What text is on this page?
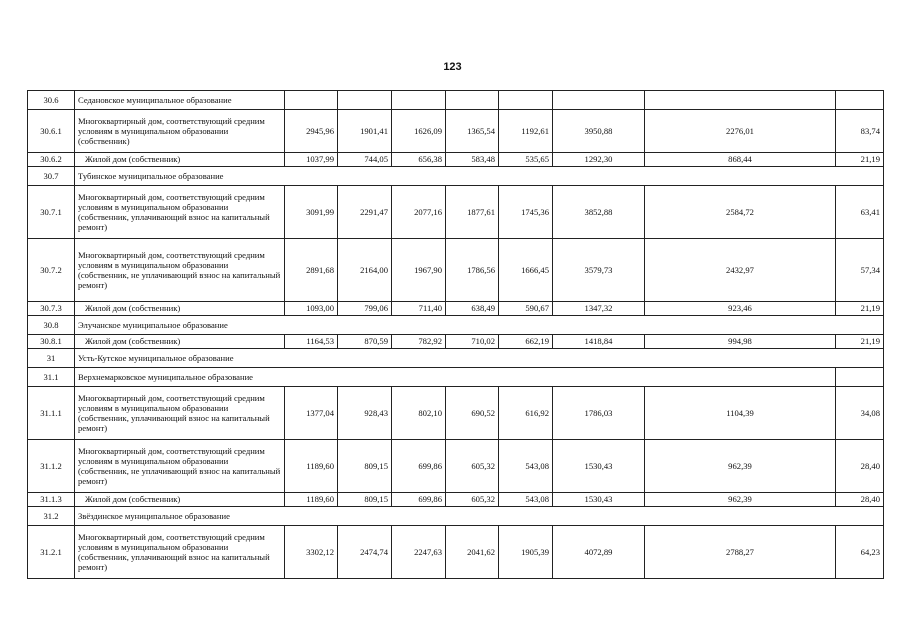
123
30.6	Седановское муниципальное образование								
30.6.1	Многоквартирный дом, соответствующий средним условиям в муниципальном образовании (собственник)	2945,96	1901,41	1626,09	1365,54	1192,61	3950,88	2276,01	83,74
30.6.2	Жилой дом (собственник)	1037,99	744,05	656,38	583,48	535,65	1292,30	868,44	21,19
30.7	Тубинское муниципальное образование								
30.7.1	Многоквартирный дом, соответствующий средним условиям в муниципальном образовании (собственник, уплачивающий взнос на капитальный ремонт)	3091,99	2291,47	2077,16	1877,61	1745,36	3852,88	2584,72	63,41
30.7.2	Многоквартирный дом, соответствующий средним условиям в муниципальном образовании (собственник, не уплачивающий взнос на капитальный ремонт)	2891,68	2164,00	1967,90	1786,56	1666,45	3579,73	2432,97	57,34
30.7.3	Жилой дом (собственник)	1093,00	799,06	711,40	638,49	590,67	1347,32	923,46	21,19
30.8	Элучанское муниципальное образование								
30.8.1	Жилой дом (собственник)	1164,53	870,59	782,92	710,02	662,19	1418,84	994,98	21,19
31	Усть-Кутское муниципальное образование								
31.1	Верхнемарковское муниципальное образование								
31.1.1	Многоквартирный дом, соответствующий средним условиям в муниципальном образовании (собственник, уплачивающий взнос на капитальный ремонт)	1377,04	928,43	802,10	690,52	616,92	1786,03	1104,39	34,08
31.1.2	Многоквартирный дом, соответствующий средним условиям в муниципальном образовании (собственник, не уплачивающий взнос на капитальный ремонт)	1189,60	809,15	699,86	605,32	543,08	1530,43	962,39	28,40
31.1.3	Жилой дом (собственник)	1189,60	809,15	699,86	605,32	543,08	1530,43	962,39	28,40
31.2	Звёздинское муниципальное образование								
31.2.1	Многоквартирный дом, соответствующий средним условиям в муниципальном образовании (собственник, уплачивающий взнос на капитальный ремонт)	3302,12	2474,74	2247,63	2041,62	1905,39	4072,89	2788,27	64,23
